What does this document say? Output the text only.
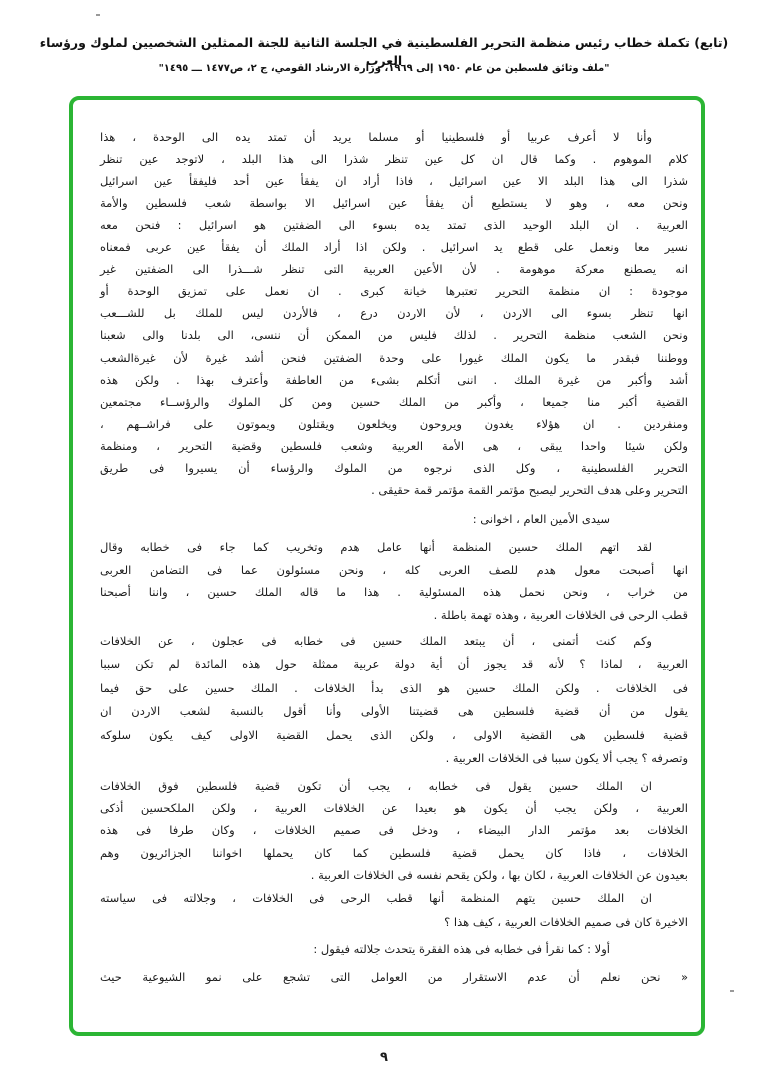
(تابع) تكملة خطاب رئيس منظمة التحرير الفلسطينية في الجلسة الثانية للجنة الممثلين الشخصيين لملوك ورؤساء العرب
"ملف وثائق فلسطين من عام ١٩٥٠ إلى ١٩٦٩، وزارة الارشاد القومي، ج ٢، ص١٤٧٧ ـــ ١٤٩٥"
وأنا لا أعرف عربيا أو فلسطينيا أو مسلما يريد أن تمتد يده الى الوحدة ، هذا
كلام الموهوم . وكما قال ان كل عين تنظر شذرا الى هذا البلد ، لاتوجد عين تنظر
شذرا الى هذا البلد الا عين اسرائيل ، فاذا أراد ان يفقأ عين أحد فليفقأ عين اسرائيل
ونحن معه ، وهو لا يستطيع أن يفقأ عين اسرائيل الا بواسطة شعب فلسطين والأمة
العربية . ان البلد الوحيد الذى تمتد يده بسوء الى الضفتين هو اسرائيل : فنحن معه
نسير معا ونعمل على قطع يد اسرائيل . ولكن اذا أراد الملك أن يفقأ عين عربى فمعناه
انه يصطنع معركة موهومة . لأن الأعين العربية التى تنظر شـــذرا الى الضفتين غير
موجودة : ان منظمة التحرير تعتبرها خيانة كبرى . ان نعمل على تمزيق الوحدة أو
انها تنظر بسوء الى الاردن ، لأن الاردن درع ، فالأردن ليس للملك بل للشـــعب
ونحن الشعب منظمة التحرير . لذلك فليس من الممكن أن ننسى، الى بلدنا والى شعبنا
ووطننا فبقدر ما يكون الملك غيورا على وحدة الضفتين فنحن أشد غيرة لأن غيرةالشعب
أشد وأكبر من غيرة الملك . اننى أتكلم بشىء من العاطفة وأعترف بهذا . ولكن هذه
القضية أكبر منا جميعا ، وأكبر من الملك حسين ومن كل الملوك والرؤســاء مجتمعين
ومنفردين . ان هؤلاء يغدون ويروحون ويخلعون ويقتلون ويموتون على فراشــهم ،
ولكن شيئا واحدا يبقى ، هى الأمة العربية وشعب فلسطين وقضية التحرير ، ومنظمة
التحرير الفلسطينية ، وكل الذى نرجوه من الملوك والرؤساء أن يسيروا فى طريق
التحرير وعلى هدف التحرير ليصبح مؤتمر القمة مؤتمر قمة حقيقى .
سيدى الأمين العام ، اخوانى :
لقد اتهم الملك حسين المنظمة أنها عامل هدم وتخريب كما جاء فى خطابه وقال
انها أصبحت معول هدم للصف العربى كله ، ونحن مسئولون عما فى التضامن العربى
من خراب ، ونحن نحمل هذه المسئولية . هذا ما قاله الملك حسين ، واننا أصبحنا
قطب الرحى فى الخلافات العربية ، وهذه تهمة باطلة .
وكم كنت أتمنى ، أن يبتعد الملك حسين فى خطابه فى عجلون ، عن الخلافات
العربية ، لماذا ؟ لأنه قد يجوز أن أية دولة عربية ممثلة حول هذه المائدة لم تكن سببا
فى الخلافات . ولكن الملك حسين هو الذى بدأ الخلافات . الملك حسين على حق فيما
يقول من أن قضية فلسطين هى قضيتنا الأولى وأنا أقول بالنسبة لشعب الاردن ان
قضية فلسطين هى القضية الاولى ، ولكن الذى يحمل القضية الاولى كيف يكون سلوكه
وتصرفه ؟ يجب ألا يكون سببا فى الخلافات العربية .
ان الملك حسين يقول فى خطابه ، يجب أن تكون قضية فلسطين فوق الخلافات
العربية ، ولكن يجب أن يكون هو بعيدا عن الخلافات العربية ، ولكن الملكحسين أذكى
الخلافات بعد مؤتمر الدار البيضاء ، ودخل فى صميم الخلافات ، وكان طرفا فى هذه
الخلافات ، فاذا كان يحمل قضية فلسطين كما كان يحملها اخواننا الجزائريون وهم
بعيدون عن الخلافات العربية ، لكان بها ، ولكن يقحم نفسه فى الخلافات العربية .
ان الملك حسين يتهم المنظمة أنها قطب الرحى فى الخلافات ، وجلالته فى سياسته
الاخيرة كان فى صميم الخلافات العربية ، كيف هذا ؟
أولا : كما نقرأ فى خطابه فى هذه الفقرة يتحدث جلالته فيقول :
« نحن نعلم أن عدم الاستقرار من العوامل التى تشجع على نمو الشيوعية حيث
٩
